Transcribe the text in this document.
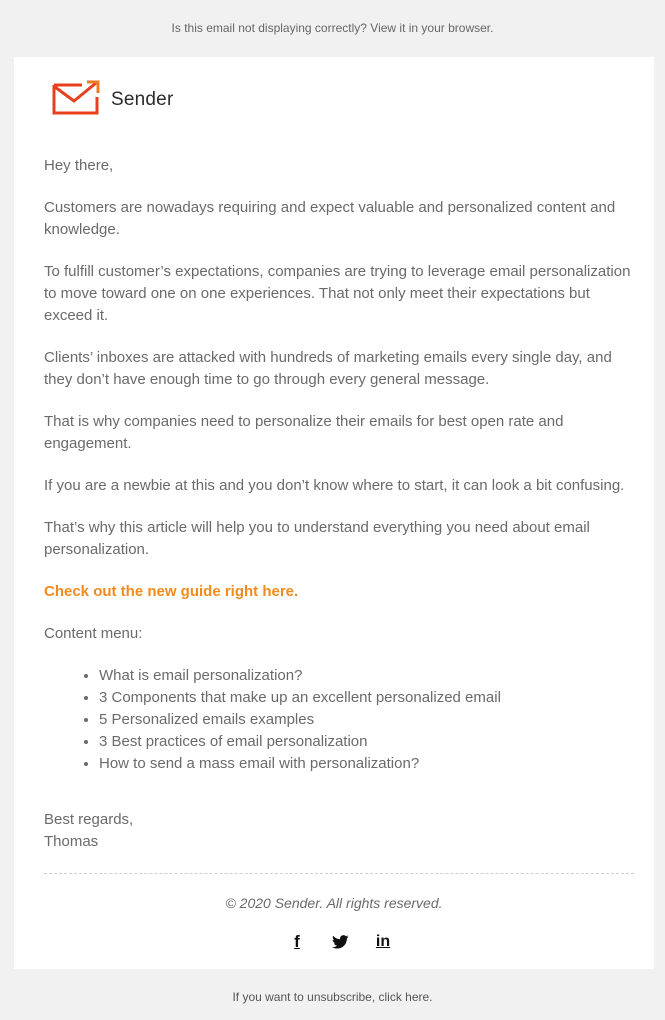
Is this email not displaying correctly? View it in your browser.
Sender

Hey there,

Customers are nowadays requiring and expect valuable and personalized content and knowledge.

To fulfill customer’s expectations, companies are trying to leverage email personalization to move toward one on one experiences. That not only meet their expectations but exceed it.

Clients’ inboxes are attacked with hundreds of marketing emails every single day, and they don’t have enough time to go through every general message.

That is why companies need to personalize their emails for best open rate and engagement.

If you are a newbie at this and you don’t know where to start, it can look a bit confusing.

That’s why this article will help you to understand everything you need about email personalization.

Check out the new guide right here.

Content menu:

• What is email personalization?
• 3 Components that make up an excellent personalized email
• 5 Personalized emails examples
• 3 Best practices of email personalization
• How to send a mass email with personalization?
Best regards,
Thomas
© 2020 Sender. All rights reserved.
f	in
If you want to unsubscribe, click here.
